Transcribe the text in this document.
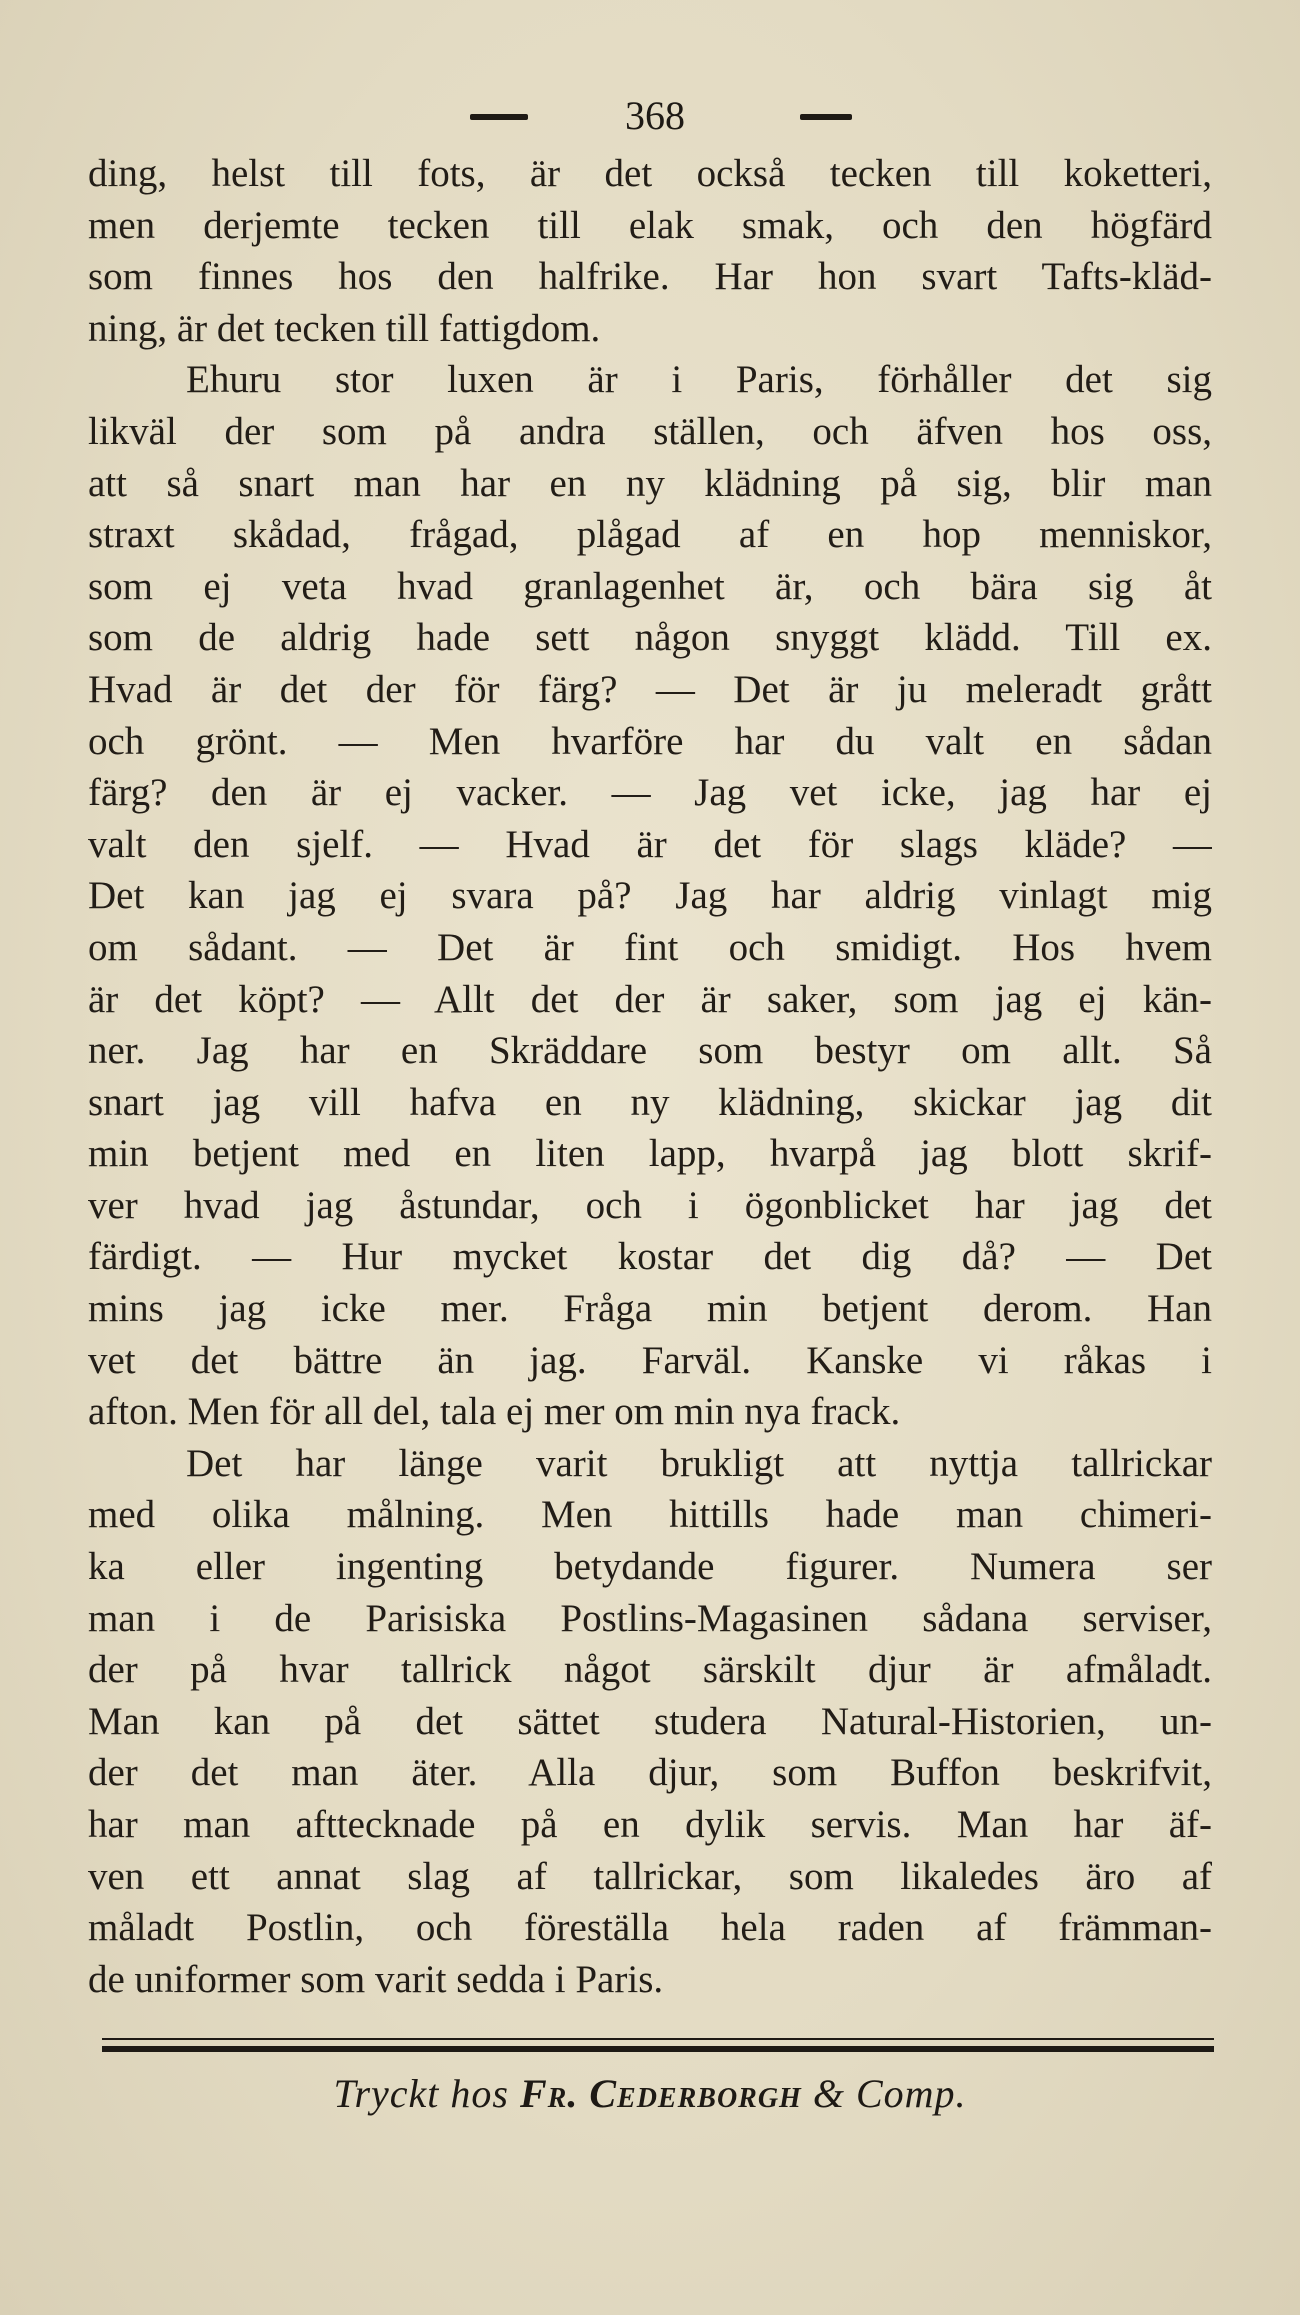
368
ding, helst till fots, är det också tecken till koketteri,
men derjemte tecken till elak smak, och den högfärd
som finnes hos den halfrike. Har hon svart Tafts-kläd-
ning, är det tecken till fattigdom.
Ehuru stor luxen är i Paris, förhåller det sig
likväl der som på andra ställen, och äfven hos oss,
att så snart man har en ny klädning på sig, blir man
straxt skådad, frågad, plågad af en hop menniskor,
som ej veta hvad granlagenhet är, och bära sig åt
som de aldrig hade sett någon snyggt klädd. Till ex.
Hvad är det der för färg? — Det är ju meleradt grått
och grönt. — Men hvarföre har du valt en sådan
färg? den är ej vacker. — Jag vet icke, jag har ej
valt den sjelf. — Hvad är det för slags kläde? —
Det kan jag ej svara på? Jag har aldrig vinlagt mig
om sådant. — Det är fint och smidigt. Hos hvem
är det köpt? — Allt det der är saker, som jag ej kän-
ner. Jag har en Skräddare som bestyr om allt. Så
snart jag vill hafva en ny klädning, skickar jag dit
min betjent med en liten lapp, hvarpå jag blott skrif-
ver hvad jag åstundar, och i ögonblicket har jag det
färdigt. — Hur mycket kostar det dig då? — Det
mins jag icke mer. Fråga min betjent derom. Han
vet det bättre än jag. Farväl. Kanske vi råkas i
afton. Men för all del, tala ej mer om min nya frack.
Det har länge varit brukligt att nyttja tallrickar
med olika målning. Men hittills hade man chimeri-
ka eller ingenting betydande figurer. Numera ser
man i de Parisiska Postlins-Magasinen sådana serviser,
der på hvar tallrick något särskilt djur är afmåladt.
Man kan på det sättet studera Natural-Historien, un-
der det man äter. Alla djur, som Buffon beskrifvit,
har man afttecknade på en dylik servis. Man har äf-
ven ett annat slag af tallrickar, som likaledes äro af
måladt Postlin, och föreställa hela raden af främman-
de uniformer som varit sedda i Paris.
Tryckt hos Fr. Cederborgh & Comp.
